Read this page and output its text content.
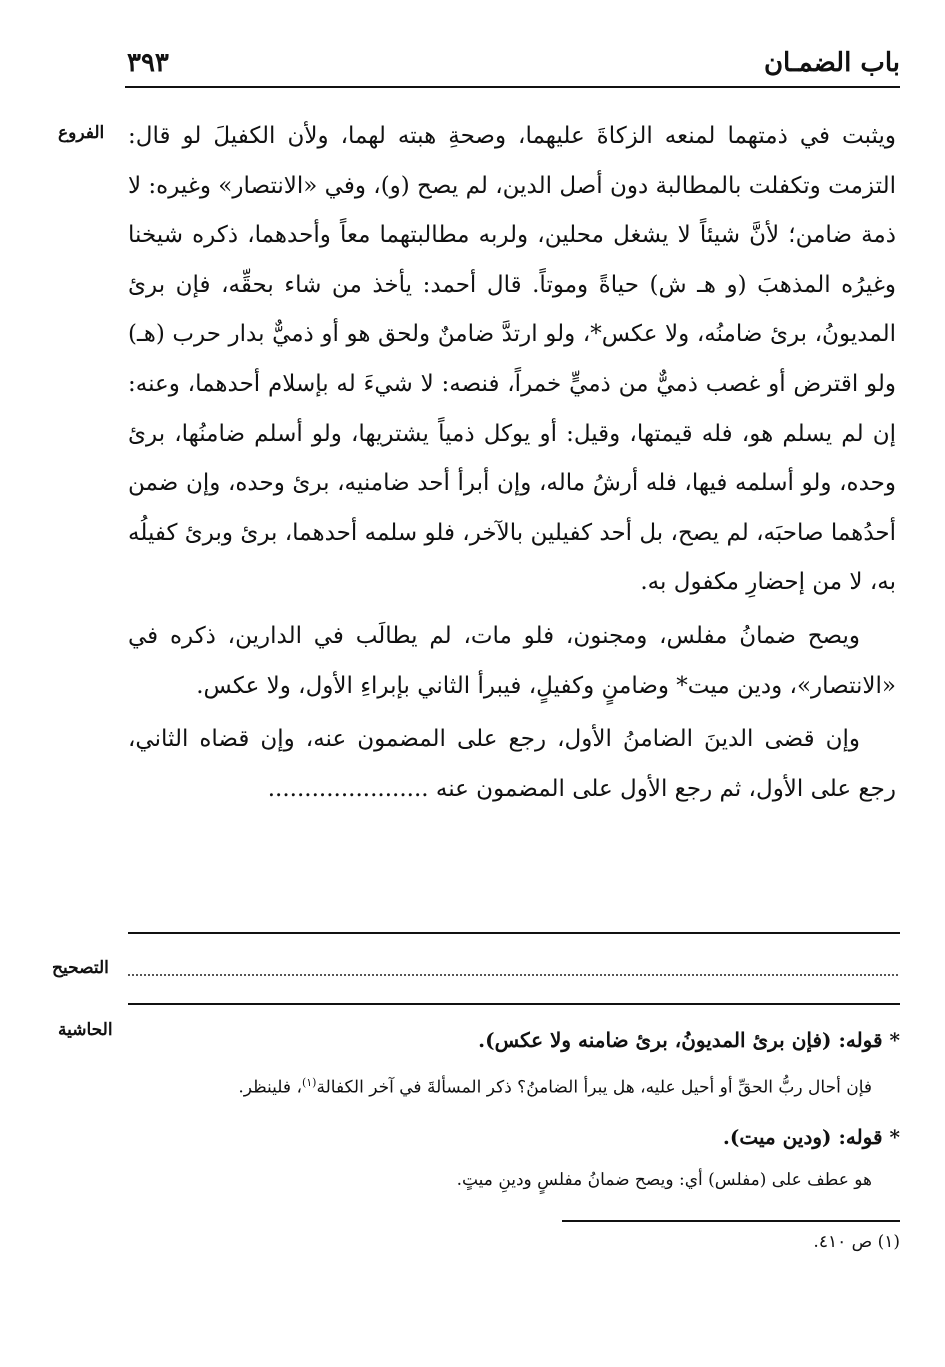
باب الضمـان
٣٩٣
الفروع ويثبت في ذمتهما لمنعه الزكاةَ عليهما، وصحةِ هبته لهما، ولأن الكفيلَ لو قال: التزمت وتكفلت بالمطالبة دون أصل الدين، لم يصح (و)، وفي «الانتصار» وغيره: لا ذمة ضامن؛ لأنَّ شيئاً لا يشغل محلين، ولربه مطالبتهما معاً وأحدهما، ذكره شيخنا وغيرُه المذهبَ (و هـ ش) حياةً وموتاً. قال أحمد: يأخذ من شاء بحقِّه، فإن برئ المديونُ، برئ ضامنُه، ولا عكس*، ولو ارتدَّ ضامنٌ ولحق هو أو ذميٌّ بدار حرب (هـ) ولو اقترض أو غصب ذميٌّ من ذميٍّ خمراً، فنصه: لا شيءَ له بإسلام أحدهما، وعنه: إن لم يسلم هو، فله قيمتها، وقيل: أو يوكل ذمياً يشتريها، ولو أسلم ضامنُها، برئ وحده، ولو أسلمه فيها، فله أرشُ ماله، وإن أبرأ أحد ضامنيه، برئ وحده، وإن ضمن أحدُهما صاحبَه، لم يصح، بل أحد كفيلين بالآخر، فلو سلمه أحدهما، برئ وبرئ كفيلُه به، لا من إحضارِ مكفول به.

ويصح ضمانُ مفلس، ومجنون، فلو مات، لم يطالَب في الدارين، ذكره في «الانتصار»، ودين ميت* وضامنٍ وكفيلٍ، فيبرأ الثاني بإبراءِ الأول، ولا عكس.

وإن قضى الدينَ الضامنُ الأول، رجع على المضمون عنه، وإن قضاه الثاني، رجع على الأول، ثم رجع الأول على المضمون عنه ......................

التصحيح
الحاشية	* قوله: (فإن برئ المديونُ، برئ ضامنه ولا عكس).

فإن أحال ربُّ الحقِّ أو أحيل عليه، هل يبرأ الضامنُ؟ ذكر المسألةَ في آخر الكفالة$^{(١)}$، فلينظر.

* قوله: (ودين ميت).

هو عطف على (مفلس) أي: ويصح ضمانُ مفلسٍ ودينِ ميتٍ.

(١) ص ٤١٠.
